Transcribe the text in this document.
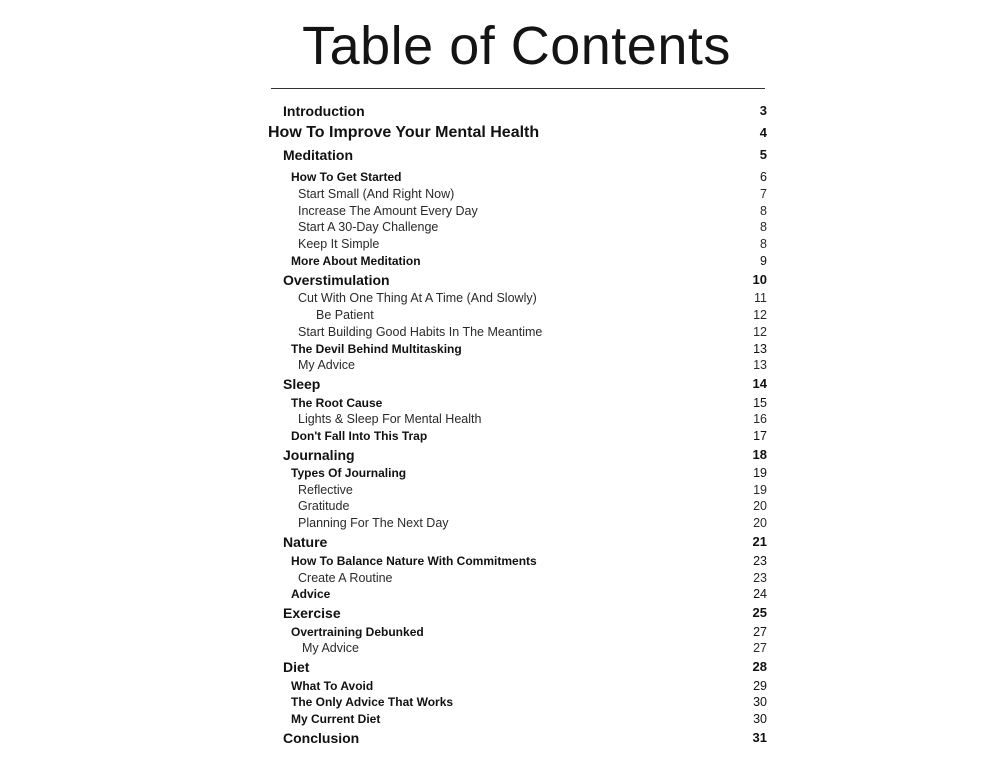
Table of Contents
Introduction	3
How To Improve Your Mental Health	4
Meditation	5
How To Get Started	6
Start Small (And Right Now)	7
Increase The Amount Every Day	8
Start A 30-Day Challenge	8
Keep It Simple	8
More About Meditation	9
Overstimulation	10
Cut With One Thing At A Time (And Slowly)	11
Be Patient	12
Start Building Good Habits In The Meantime	12
The Devil Behind Multitasking	13
My Advice	13
Sleep	14
The Root Cause	15
Lights & Sleep For Mental Health	16
Don't Fall Into This Trap	17
Journaling	18
Types Of Journaling	19
Reflective	19
Gratitude	20
Planning For The Next Day	20
Nature	21
How To Balance Nature With Commitments	23
Create A Routine	23
Advice	24
Exercise	25
Overtraining Debunked	27
My Advice	27
Diet	28
What To Avoid	29
The Only Advice That Works	30
My Current Diet	30
Conclusion	31
